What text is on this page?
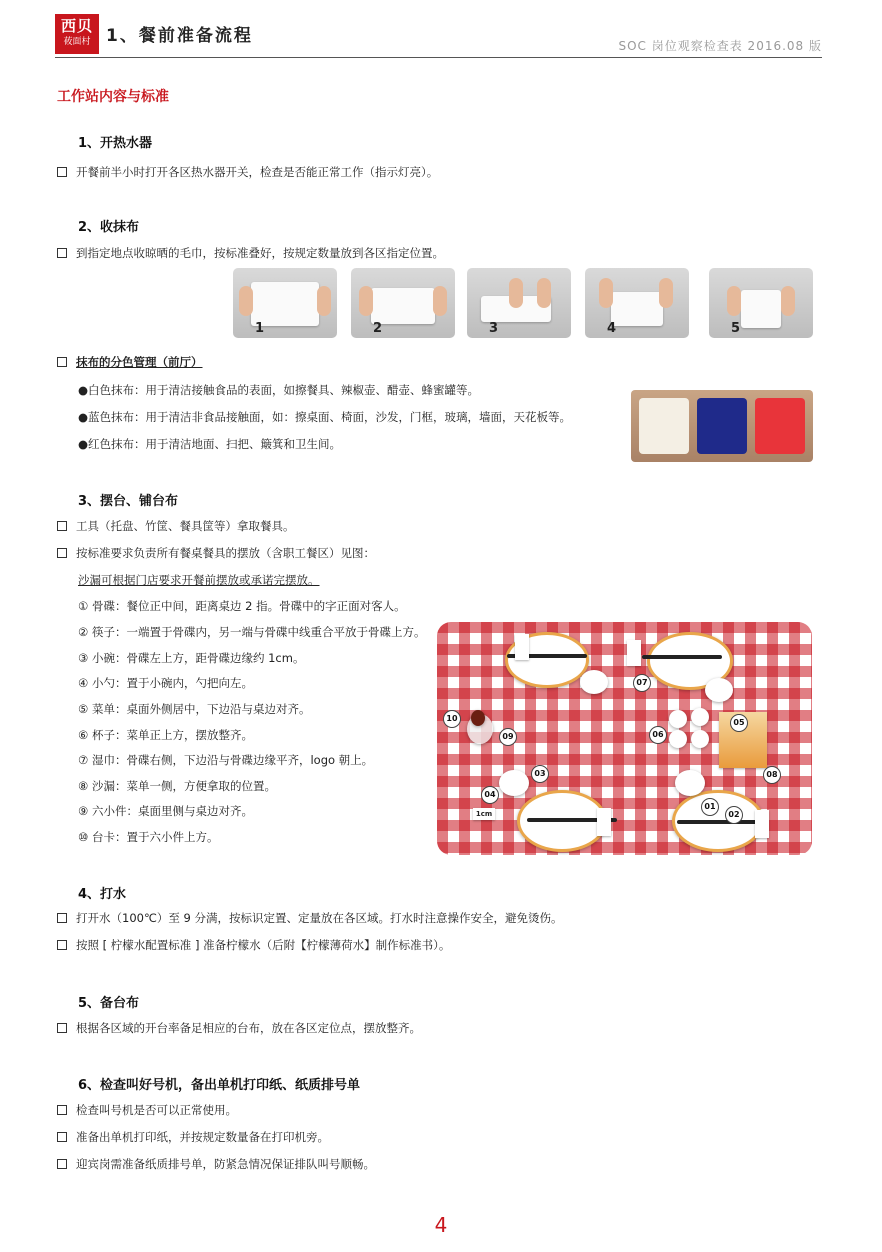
西贝
莜面村 1、餐前准备流程	SOC 岗位观察检查表 2016.08 版
工作站内容与标准
1、开热水器
开餐前半小时打开各区热水器开关，检查是否能正常工作（指示灯亮）。
2、收抹布
到指定地点收晾晒的毛巾，按标准叠好，按规定数量放到各区指定位置。
1	2	3	4	5
抹布的分色管理（前厅）
●白色抹布：用于清洁接触食品的表面，如擦餐具、辣椒壶、醋壶、蜂蜜罐等。
●蓝色抹布：用于清洁非食品接触面，如：擦桌面、椅面，沙发，门框，玻璃，墙面，天花板等。
●红色抹布：用于清洁地面、扫把、簸箕和卫生间。
3、摆台、铺台布
工具（托盘、竹筐、餐具筐等）拿取餐具。
按标准要求负责所有餐桌餐具的摆放（含职工餐区）见图：
沙漏可根据门店要求开餐前摆放或承诺完摆放。
① 骨碟：餐位正中间，距离桌边 2 指。骨碟中的字正面对客人。
② 筷子：一端置于骨碟内，另一端与骨碟中线重合平放于骨碟上方。
③ 小碗：骨碟左上方，距骨碟边缘约 1cm。
④ 小勺：置于小碗内，勺把向左。
⑤ 菜单：桌面外侧居中，下边沿与桌边对齐。
⑥ 杯子：菜单正上方，摆放整齐。
⑦ 湿巾：骨碟右侧，下边沿与骨碟边缘平齐，logo 朝上。
⑧ 沙漏：菜单一侧，方便拿取的位置。
⑨ 六小件：桌面里侧与桌边对齐。
⑩ 台卡：置于六小件上方。
1cm
01
02
03
04
05
06
07
08
09
10
4、打水
打开水（100℃）至 9 分满，按标识定置、定量放在各区域。打水时注意操作安全，避免烫伤。
按照 [ 柠檬水配置标准 ] 准备柠檬水（后附【柠檬薄荷水】制作标准书）。
5、备台布
根据各区域的开台率备足相应的台布，放在各区定位点，摆放整齐。
6、检查叫好号机，备出单机打印纸、纸质排号单
检查叫号机是否可以正常使用。
准备出单机打印纸，并按规定数量备在打印机旁。
迎宾岗需准备纸质排号单，防紧急情况保证排队叫号顺畅。
4
